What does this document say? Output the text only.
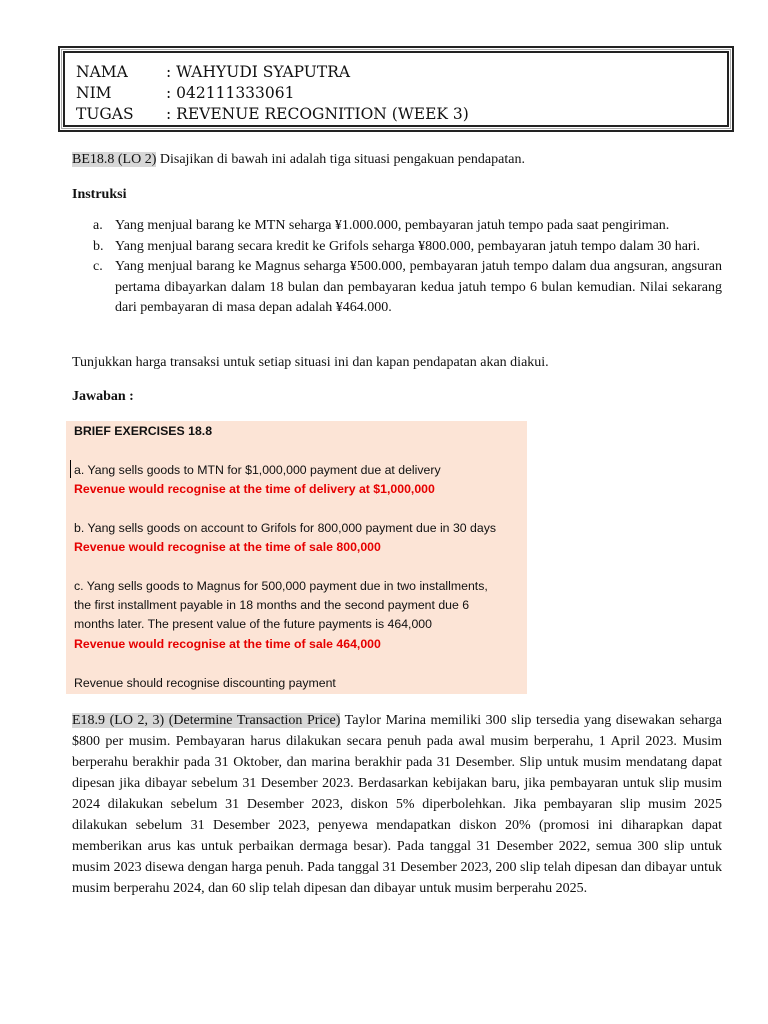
NAMA : WAHYUDI SYAPUTRA
NIM	: 042111333061
TUGAS : REVENUE RECOGNITION (WEEK 3)
BE18.8 (LO 2) Disajikan di bawah ini adalah tiga situasi pengakuan pendapatan.
Instruksi
a. Yang menjual barang ke MTN seharga ¥1.000.000, pembayaran jatuh tempo pada saat pengiriman.
b. Yang menjual barang secara kredit ke Grifols seharga ¥800.000, pembayaran jatuh tempo dalam 30 hari.
c. Yang menjual barang ke Magnus seharga ¥500.000, pembayaran jatuh tempo dalam dua angsuran, angsuran pertama dibayarkan dalam 18 bulan dan pembayaran kedua jatuh tempo 6 bulan kemudian. Nilai sekarang dari pembayaran di masa depan adalah ¥464.000.
Tunjukkan harga transaksi untuk setiap situasi ini dan kapan pendapatan akan diakui.
Jawaban :
BRIEF EXERCISES 18.8
a. Yang sells goods to MTN for $1,000,000 payment due at delivery
Revenue would recognise at the time of delivery at $1,000,000
b. Yang sells goods on account to Grifols for 800,000 payment due in 30 days
Revenue would recognise at the time of sale 800,000
c. Yang sells goods to Magnus for 500,000 payment due in two installments,
the first installment payable in 18 months and the second payment due 6
months later. The present value of the future payments is 464,000
Revenue would recognise at the time of sale 464,000
Revenue should recognise discounting payment
E18.9 (LO 2, 3) (Determine Transaction Price) Taylor Marina memiliki 300 slip tersedia yang disewakan seharga $800 per musim. Pembayaran harus dilakukan secara penuh pada awal musim berperahu, 1 April 2023. Musim berperahu berakhir pada 31 Oktober, dan marina berakhir pada 31 Desember. Slip untuk musim mendatang dapat dipesan jika dibayar sebelum 31 Desember 2023. Berdasarkan kebijakan baru, jika pembayaran untuk slip musim 2024 dilakukan sebelum 31 Desember 2023, diskon 5% diperbolehkan. Jika pembayaran slip musim 2025 dilakukan sebelum 31 Desember 2023, penyewa mendapatkan diskon 20% (promosi ini diharapkan dapat memberikan arus kas untuk perbaikan dermaga besar). Pada tanggal 31 Desember 2022, semua 300 slip untuk musim 2023 disewa dengan harga penuh. Pada tanggal 31 Desember 2023, 200 slip telah dipesan dan dibayar untuk musim berperahu 2024, dan 60 slip telah dipesan dan dibayar untuk musim berperahu 2025.
